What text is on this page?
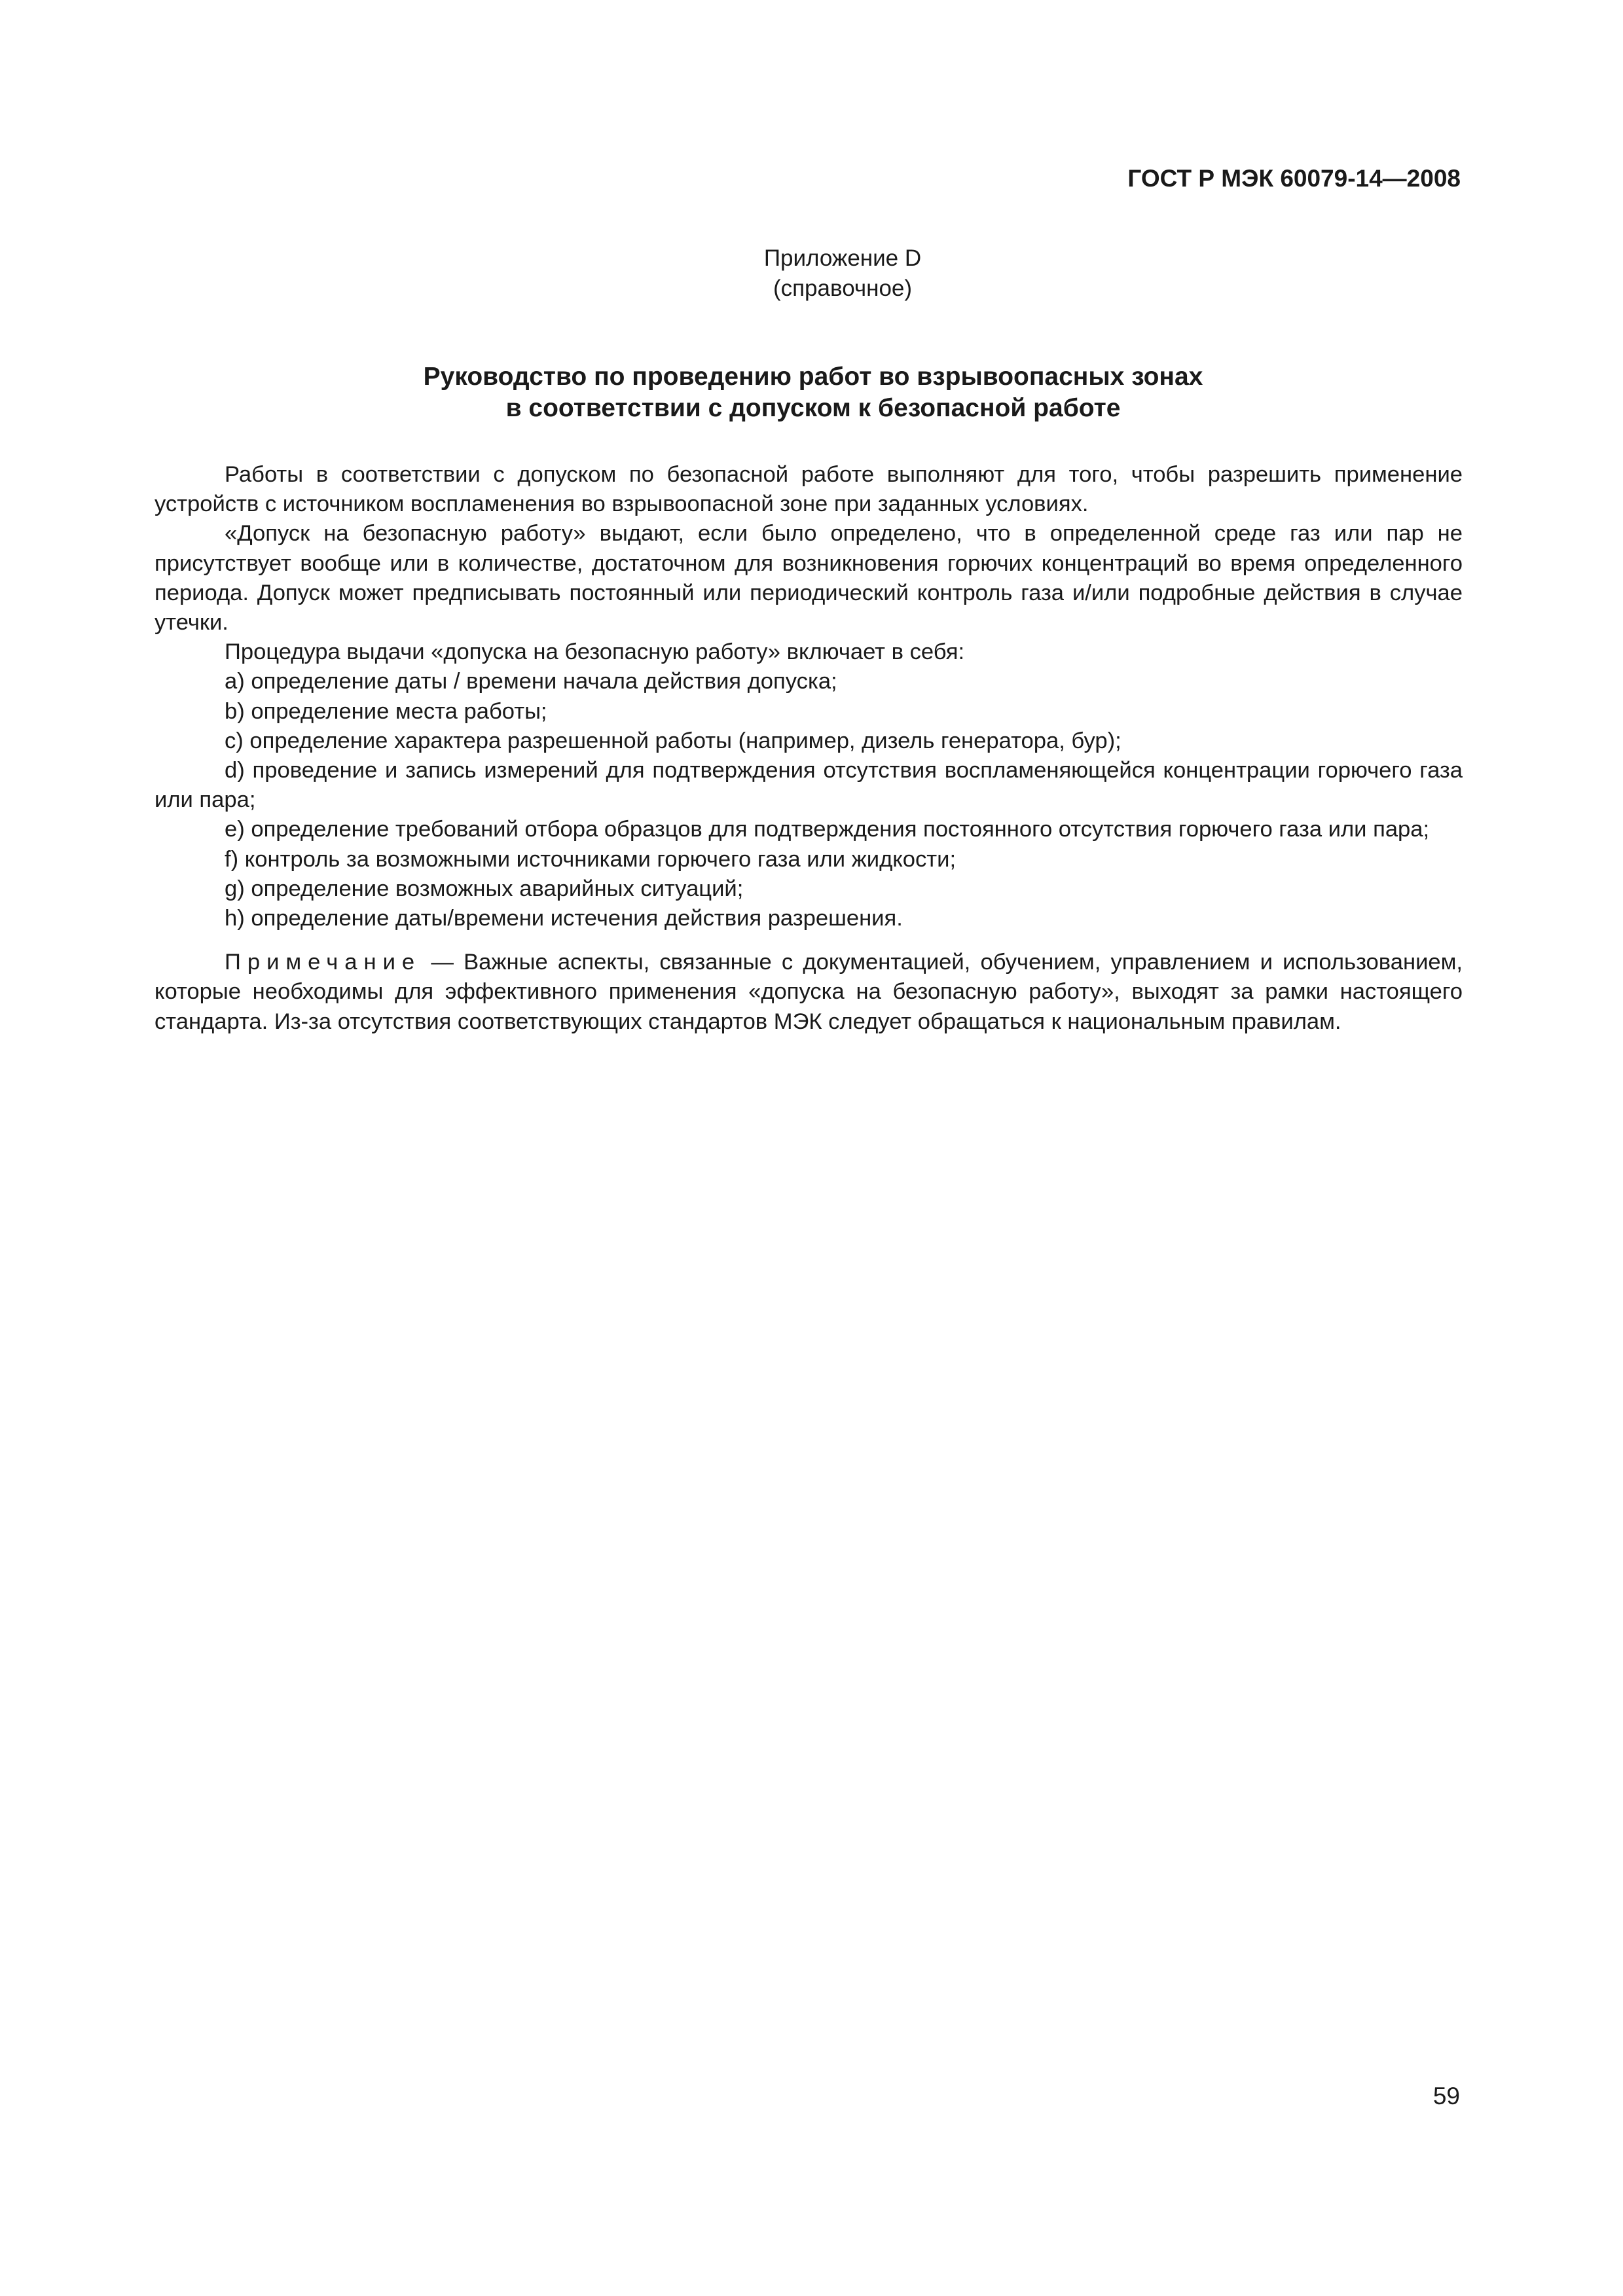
ГОСТ Р МЭК 60079-14—2008
Приложение D
(справочное)
Руководство по проведению работ во взрывоопасных зонах
в соответствии с допуском к безопасной работе

Работы в соответствии с допуском по безопасной работе выполняют для того, чтобы разрешить применение устройств с источником воспламенения во взрывоопасной зоне при заданных условиях.

«Допуск на безопасную работу» выдают, если было определено, что в определенной среде газ или пар не присутствует вообще или в количестве, достаточном для возникновения горючих концентраций во время определенного периода. Допуск может предписывать постоянный или периодический контроль газа и/или подробные действия в случае утечки.

Процедура выдачи «допуска на безопасную работу» включает в себя:

a) определение даты / времени начала действия допуска;

b) определение места работы;

c) определение характера разрешенной работы (например, дизель генератора, бур);

d) проведение и запись измерений для подтверждения отсутствия воспламеняющейся концентрации горючего газа или пара;

e) определение требований отбора образцов для подтверждения постоянного отсутствия горючего газа или пара;

f) контроль за возможными источниками горючего газа или жидкости;

g) определение возможных аварийных ситуаций;

h) определение даты/времени истечения действия разрешения.

Примечание — Важные аспекты, связанные с документацией, обучением, управлением и использованием, которые необходимы для эффективного применения «допуска на безопасную работу», выходят за рамки настоящего стандарта. Из-за отсутствия соответствующих стандартов МЭК следует обращаться к национальным правилам.

59
